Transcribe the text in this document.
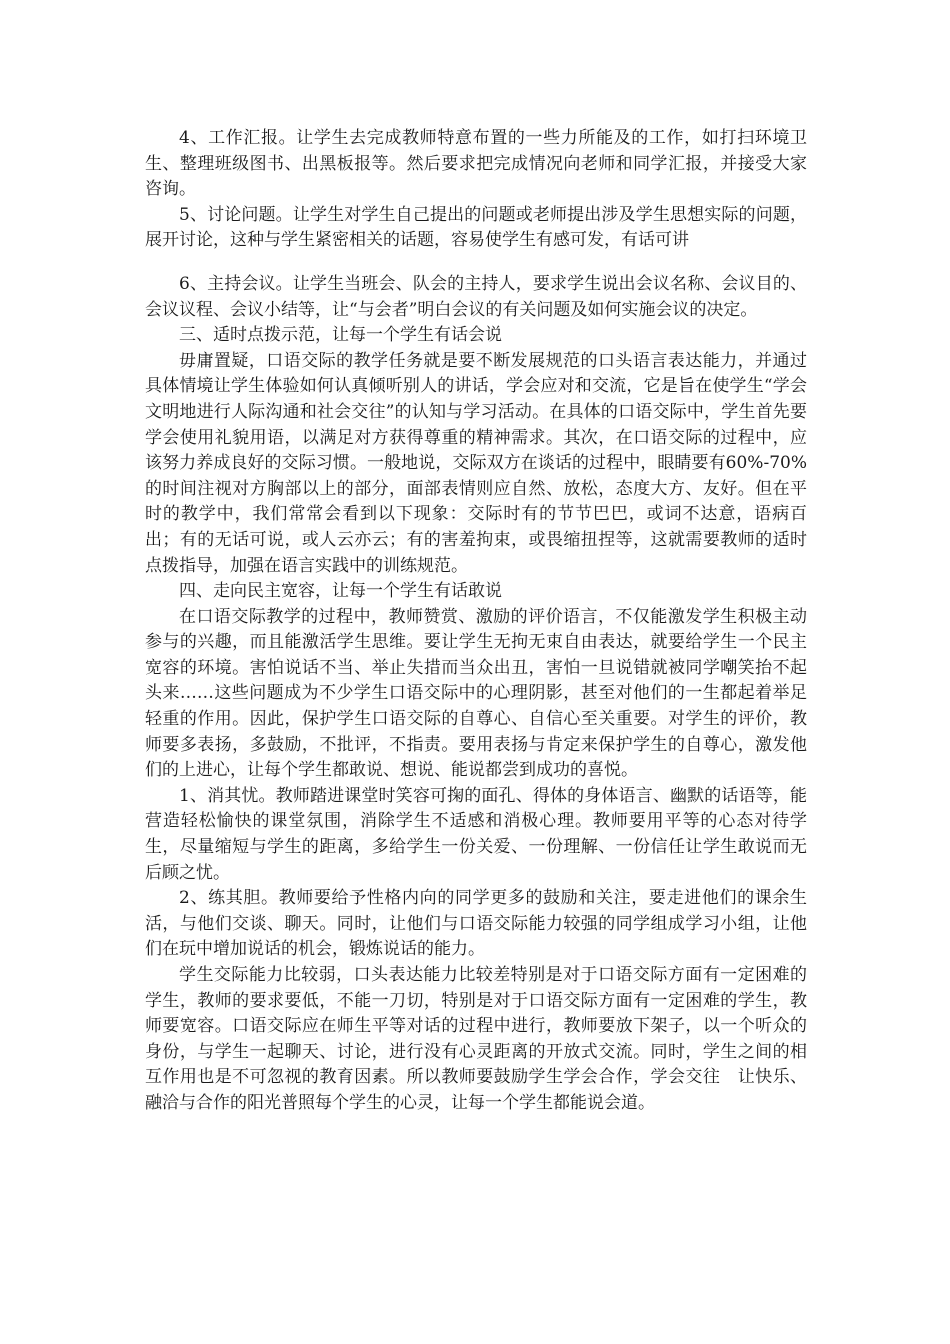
4、工作汇报。让学生去完成教师特意布置的一些力所能及的工作，如打扫环境卫生、整理班级图书、出黑板报等。然后要求把完成情况向老师和同学汇报，并接受大家咨询。

5、讨论问题。让学生对学生自己提出的问题或老师提出涉及学生思想实际的问题，展开讨论，这种与学生紧密相关的话题，容易使学生有感可发，有话可讲

6、主持会议。让学生当班会、队会的主持人，要求学生说出会议名称、会议目的、会议议程、会议小结等，让“与会者”明白会议的有关问题及如何实施会议的决定。

三、适时点拨示范，让每一个学生有话会说

毋庸置疑，口语交际的教学任务就是要不断发展规范的口头语言表达能力，并通过具体情境让学生体验如何认真倾听别人的讲话，学会应对和交流，它是旨在使学生“学会文明地进行人际沟通和社会交往”的认知与学习活动。在具体的口语交际中，学生首先要学会使用礼貌用语，以满足对方获得尊重的精神需求。其次，在口语交际的过程中，应该努力养成良好的交际习惯。一般地说，交际双方在谈话的过程中，眼睛要有60%-70%的时间注视对方胸部以上的部分，面部表情则应自然、放松，态度大方、友好。但在平时的教学中，我们常常会看到以下现象：交际时有的节节巴巴，或词不达意，语病百出；有的无话可说，或人云亦云；有的害羞拘束，或畏缩扭捏等，这就需要教师的适时点拨指导，加强在语言实践中的训练规范。

四、走向民主宽容，让每一个学生有话敢说

在口语交际教学的过程中，教师赞赏、激励的评价语言，不仅能激发学生积极主动参与的兴趣，而且能激活学生思维。要让学生无拘无束自由表达，就要给学生一个民主宽容的环境。害怕说话不当、举止失措而当众出丑，害怕一旦说错就被同学嘲笑抬不起头来……这些问题成为不少学生口语交际中的心理阴影，甚至对他们的一生都起着举足轻重的作用。因此，保护学生口语交际的自尊心、自信心至关重要。对学生的评价，教师要多表扬，多鼓励，不批评，不指责。要用表扬与肯定来保护学生的自尊心，激发他们的上进心，让每个学生都敢说、想说、能说都尝到成功的喜悦。

1、消其忧。教师踏进课堂时笑容可掬的面孔、得体的身体语言、幽默的话语等，能营造轻松愉快的课堂氛围，消除学生不适感和消极心理。教师要用平等的心态对待学生，尽量缩短与学生的距离，多给学生一份关爱、一份理解、一份信任让学生敢说而无后顾之忧。

2、练其胆。教师要给予性格内向的同学更多的鼓励和关注，要走进他们的课余生活，与他们交谈、聊天。同时，让他们与口语交际能力较强的同学组成学习小组，让他们在玩中增加说话的机会，锻炼说话的能力。

学生交际能力比较弱，口头表达能力比较差特别是对于口语交际方面有一定困难的学生，教师的要求要低，不能一刀切，特别是对于口语交际方面有一定困难的学生，教师要宽容。口语交际应在师生平等对话的过程中进行，教师要放下架子，以一个听众的身份，与学生一起聊天、讨论，进行没有心灵距离的开放式交流。同时，学生之间的相互作用也是不可忽视的教育因素。所以教师要鼓励学生学会合作，学会交往　让快乐、融洽与合作的阳光普照每个学生的心灵，让每一个学生都能说会道。
